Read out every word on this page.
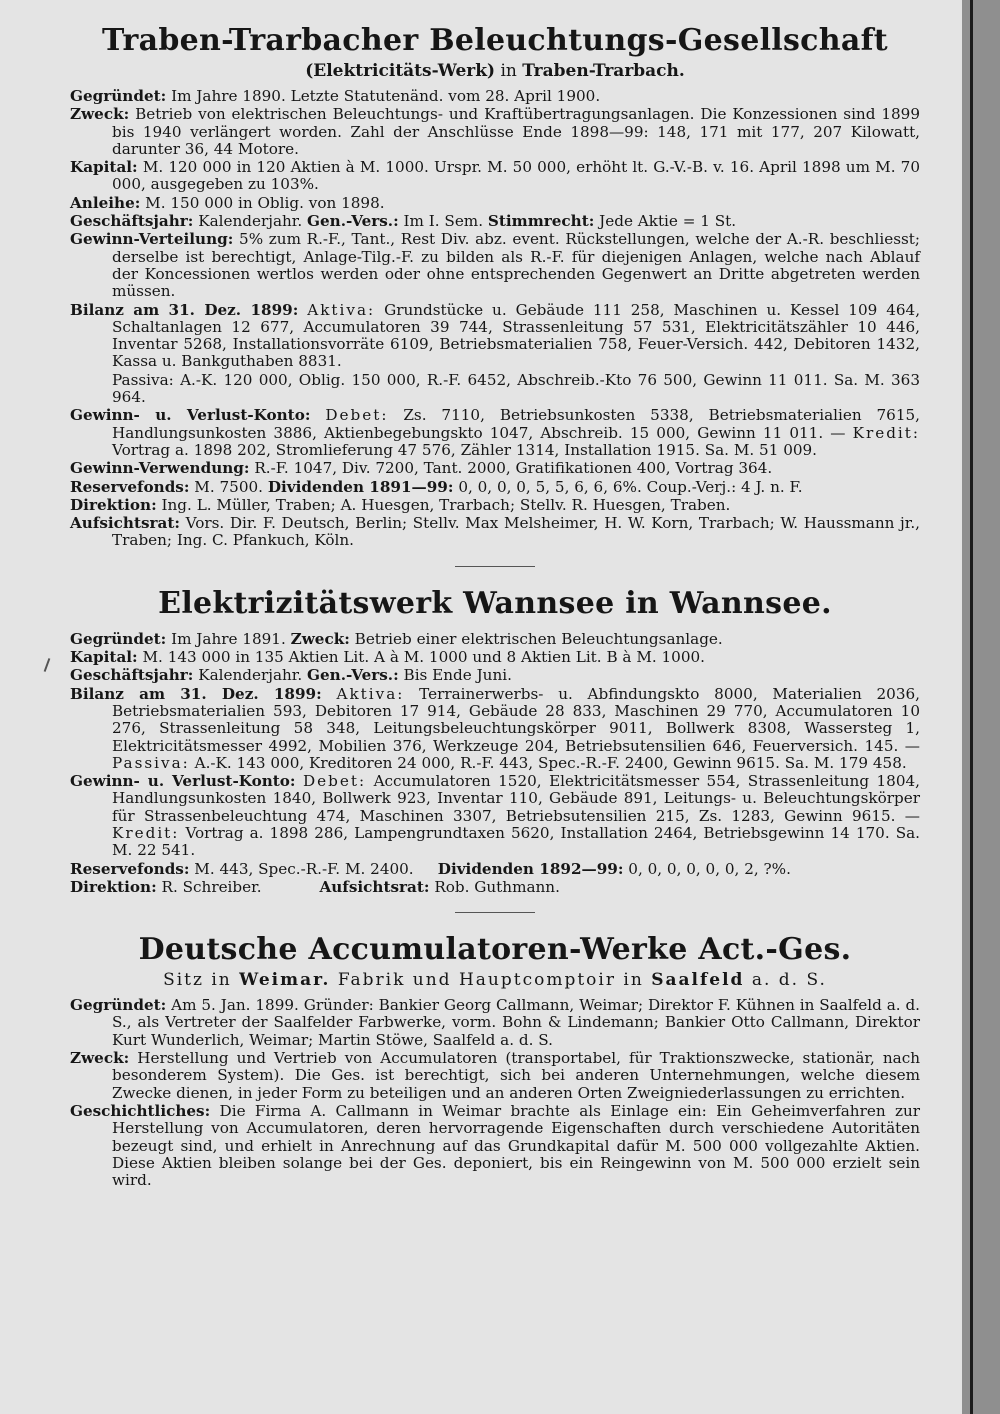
Traben-Trarbacher Beleuchtungs-Gesellschaft

(Elektricitäts-Werk) in Traben-Trarbach.

Gegründet: Im Jahre 1890. Letzte Statutenänd. vom 28. April 1900.

Zweck: Betrieb von elektrischen Beleuchtungs- und Kraftübertragungsanlagen. Die Konzessionen sind 1899 bis 1940 verlängert worden. Zahl der Anschlüsse Ende 1898—99: 148, 171 mit 177, 207 Kilowatt, darunter 36, 44 Motore.

Kapital: M. 120 000 in 120 Aktien à M. 1000. Urspr. M. 50 000, erhöht lt. G.-V.-B. v. 16. April 1898 um M. 70 000, ausgegeben zu 103%.

Anleihe: M. 150 000 in Oblig. von 1898.

Geschäftsjahr: Kalenderjahr. Gen.-Vers.: Im I. Sem. Stimmrecht: Jede Aktie = 1 St.

Gewinn-Verteilung: 5% zum R.-F., Tant., Rest Div. abz. event. Rückstellungen, welche der A.-R. beschliesst; derselbe ist berechtigt, Anlage-Tilg.-F. zu bilden als R.-F. für diejenigen Anlagen, welche nach Ablauf der Koncessionen wertlos werden oder ohne entsprechenden Gegenwert an Dritte abgetreten werden müssen.

Bilanz am 31. Dez. 1899: Aktiva: Grundstücke u. Gebäude 111 258, Maschinen u. Kessel 109 464, Schaltanlagen 12 677, Accumulatoren 39 744, Strassenleitung 57 531, Elektricitätszähler 10 446, Inventar 5268, Installationsvorräte 6109, Betriebsmaterialien 758, Feuer-Versich. 442, Debitoren 1432, Kassa u. Bankguthaben 8831.

Passiva: A.-K. 120 000, Oblig. 150 000, R.-F. 6452, Abschreib.-Kto 76 500, Gewinn 11 011. Sa. M. 363 964.

Gewinn- u. Verlust-Konto: Debet: Zs. 7110, Betriebsunkosten 5338, Betriebsmaterialien 7615, Handlungsunkosten 3886, Aktienbegebungskto 1047, Abschreib. 15 000, Gewinn 11 011. — Kredit: Vortrag a. 1898 202, Stromlieferung 47 576, Zähler 1314, Installation 1915. Sa. M. 51 009.

Gewinn-Verwendung: R.-F. 1047, Div. 7200, Tant. 2000, Gratifikationen 400, Vortrag 364.

Reservefonds: M. 7500. Dividenden 1891—99: 0, 0, 0, 0, 5, 5, 6, 6, 6%. Coup.-Verj.: 4 J. n. F.

Direktion: Ing. L. Müller, Traben; A. Huesgen, Trarbach; Stellv. R. Huesgen, Traben.

Aufsichtsrat: Vors. Dir. F. Deutsch, Berlin; Stellv. Max Melsheimer, H. W. Korn, Trarbach; W. Haussmann jr., Traben; Ing. C. Pfankuch, Köln.

Elektrizitätswerk Wannsee in Wannsee.

Gegründet: Im Jahre 1891. Zweck: Betrieb einer elektrischen Beleuchtungsanlage.

Kapital: M. 143 000 in 135 Aktien Lit. A à M. 1000 und 8 Aktien Lit. B à M. 1000.

Geschäftsjahr: Kalenderjahr. Gen.-Vers.: Bis Ende Juni.

Bilanz am 31. Dez. 1899: Aktiva: Terrainerwerbs- u. Abfindungskto 8000, Materialien 2036, Betriebsmaterialien 593, Debitoren 17 914, Gebäude 28 833, Maschinen 29 770, Accumulatoren 10 276, Strassenleitung 58 348, Leitungsbeleuchtungskörper 9011, Bollwerk 8308, Wassersteg 1, Elektricitätsmesser 4992, Mobilien 376, Werkzeuge 204, Betriebsutensilien 646, Feuerversich. 145. — Passiva: A.-K. 143 000, Kreditoren 24 000, R.-F. 443, Spec.-R.-F. 2400, Gewinn 9615. Sa. M. 179 458.

Gewinn- u. Verlust-Konto: Debet: Accumulatoren 1520, Elektricitätsmesser 554, Strassenleitung 1804, Handlungsunkosten 1840, Bollwerk 923, Inventar 110, Gebäude 891, Leitungs- u. Beleuchtungskörper für Strassenbeleuchtung 474, Maschinen 3307, Betriebsutensilien 215, Zs. 1283, Gewinn 9615. — Kredit: Vortrag a. 1898 286, Lampengrundtaxen 5620, Installation 2464, Betriebsgewinn 14 170. Sa. M. 22 541.

Reservefonds: M. 443, Spec.-R.-F. M. 2400. Dividenden 1892—99: 0, 0, 0, 0, 0, 0, 2, ?%.

Direktion: R. Schreiber.	Aufsichtsrat: Rob. Guthmann.

Deutsche Accumulatoren-Werke Act.-Ges.

Sitz in Weimar. Fabrik und Hauptcomptoir in Saalfeld a. d. S.

Gegründet: Am 5. Jan. 1899. Gründer: Bankier Georg Callmann, Weimar; Direktor F. Kühnen in Saalfeld a. d. S., als Vertreter der Saalfelder Farbwerke, vorm. Bohn & Lindemann; Bankier Otto Callmann, Direktor Kurt Wunderlich, Weimar; Martin Stöwe, Saalfeld a. d. S.

Zweck: Herstellung und Vertrieb von Accumulatoren (transportabel, für Traktionszwecke, stationär, nach besonderem System). Die Ges. ist berechtigt, sich bei anderen Unternehmungen, welche diesem Zwecke dienen, in jeder Form zu beteiligen und an anderen Orten Zweigniederlassungen zu errichten.

Geschichtliches: Die Firma A. Callmann in Weimar brachte als Einlage ein: Ein Geheimverfahren zur Herstellung von Accumulatoren, deren hervorragende Eigenschaften durch verschiedene Autoritäten bezeugt sind, und erhielt in Anrechnung auf das Grundkapital dafür M. 500 000 vollgezahlte Aktien. Diese Aktien bleiben solange bei der Ges. deponiert, bis ein Reingewinn von M. 500 000 erzielt sein wird.
